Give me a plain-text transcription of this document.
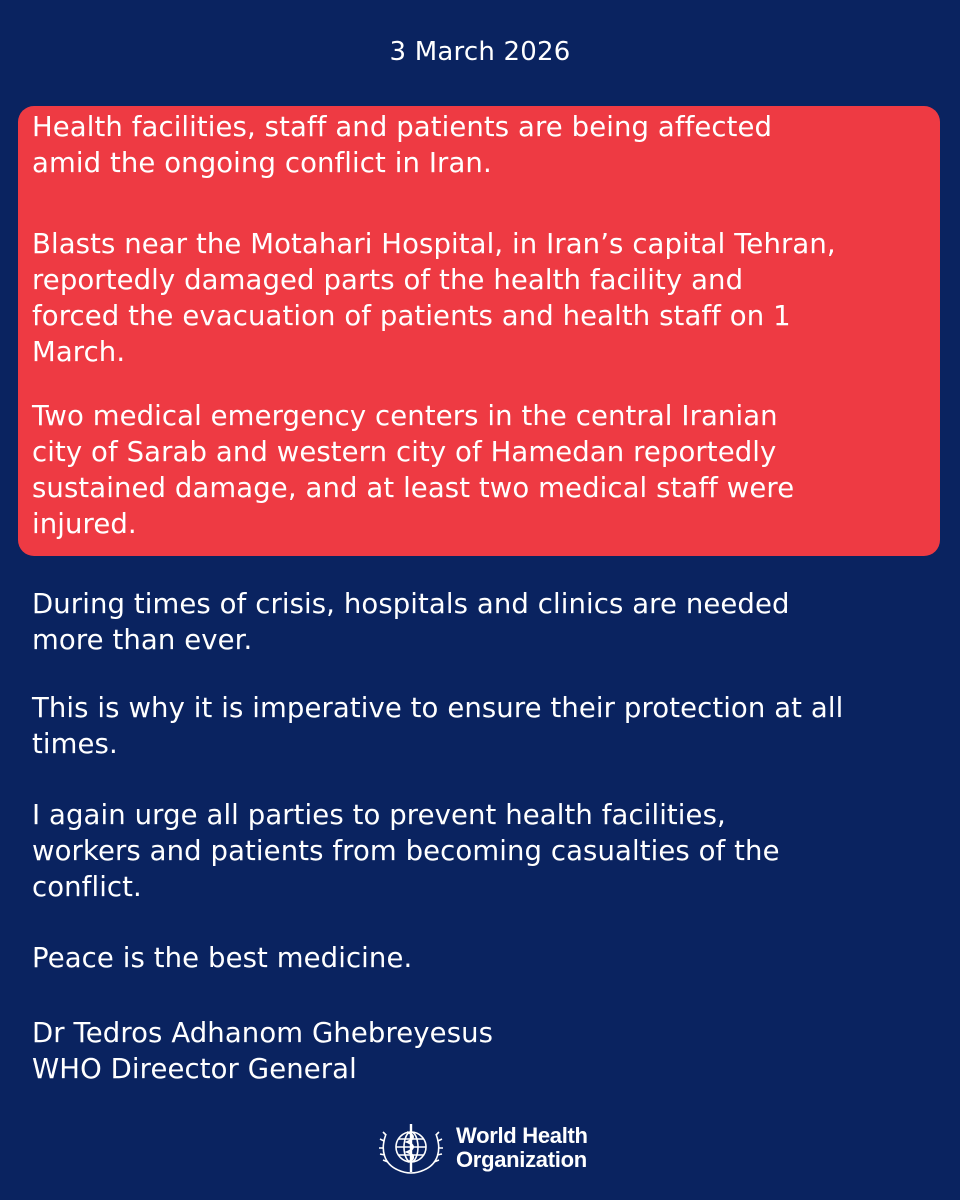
3 March 2026

Health facilities, staff and patients are being affected
amid the ongoing conflict in Iran.

Blasts near the Motahari Hospital, in Iran’s capital Tehran,
reportedly damaged parts of the health facility and
forced the evacuation of patients and health staff on 1
March.

Two medical emergency centers in the central Iranian
city of Sarab and western city of Hamedan reportedly
sustained damage, and at least two medical staff were
injured.

During times of crisis, hospitals and clinics are needed
more than ever.

This is why it is imperative to ensure their protection at all
times.

I again urge all parties to prevent health facilities,
workers and patients from becoming casualties of the
conflict.

Peace is the best medicine.

Dr Tedros Adhanom Ghebreyesus
WHO Direector General

World Health
Organization
